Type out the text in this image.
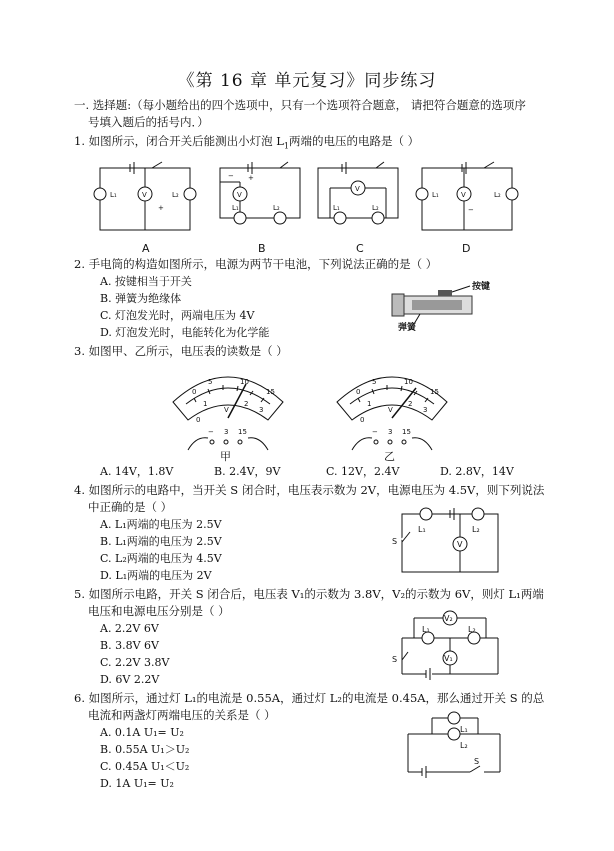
《第 16 章 单元复习》同步练习
一. 选择题:（每小题给出的四个选项中，只有一个选项符合题意， 请把符合题意的选项序
号填入题后的括号内．）
1. 如图所示，闭合开关后能测出小灯泡 $L_1$两端的电压的电路是（ ）
L₁	L₂
V
+	L₁	L₂
V
− +
L₁	L₂
V
L₁	L₂
V
−
A	B	C	D
2. 手电筒的构造如图所示，电源为两节干电池，下列说法正确的是（ ）
A. 按键相当于开关
B. 弹簧为绝缘体
C. 灯泡发光时，两端电压为 4V
D. 灯泡发光时，电能转化为化学能
按键
弹簧
3. 如图甲、乙所示，电压表的读数是（ ）
0
5	10
15
1	2
3
V
0
− 3 15
甲
0
5	10
15
1	2
3
V
0
− 3 15
乙
A. 14V，1.8V	B. 2.4V，9V	C. 12V，2.4V	D. 2.8V，14V
4. 如图所示的电路中，当开关 S 闭合时，电压表示数为 2V，电源电压为 4.5V，则下列说法
中正确的是（ ）
A. L₁两端的电压为 2.5V
B. L₁两端的电压为 2.5V
C. L₂两端的电压为 4.5V
D. L₁两端的电压为 2V
L₁	L₂
S	V
5. 如图所示电路，开关 S 闭合后，电压表 V₁的示数为 3.8V，V₂的示数为 6V，则灯 L₁两端
电压和电源电压分别是（ ）
A. 2.2V 6V
B. 3.8V 6V
C. 2.2V 3.8V
D. 6V 2.2V
L₁	L₂
S
V₂
V₁
6. 如图所示，通过灯 L₁的电流是 0.55A，通过灯 L₂的电流是 0.45A，那么通过开关 S 的总
电流和两盏灯两端电压的关系是（ ）
A. 0.1A U₁= U₂
B. 0.55A U₁＞U₂
C. 0.45A U₁＜U₂
D. 1A U₁= U₂
L₁
L₂
S
